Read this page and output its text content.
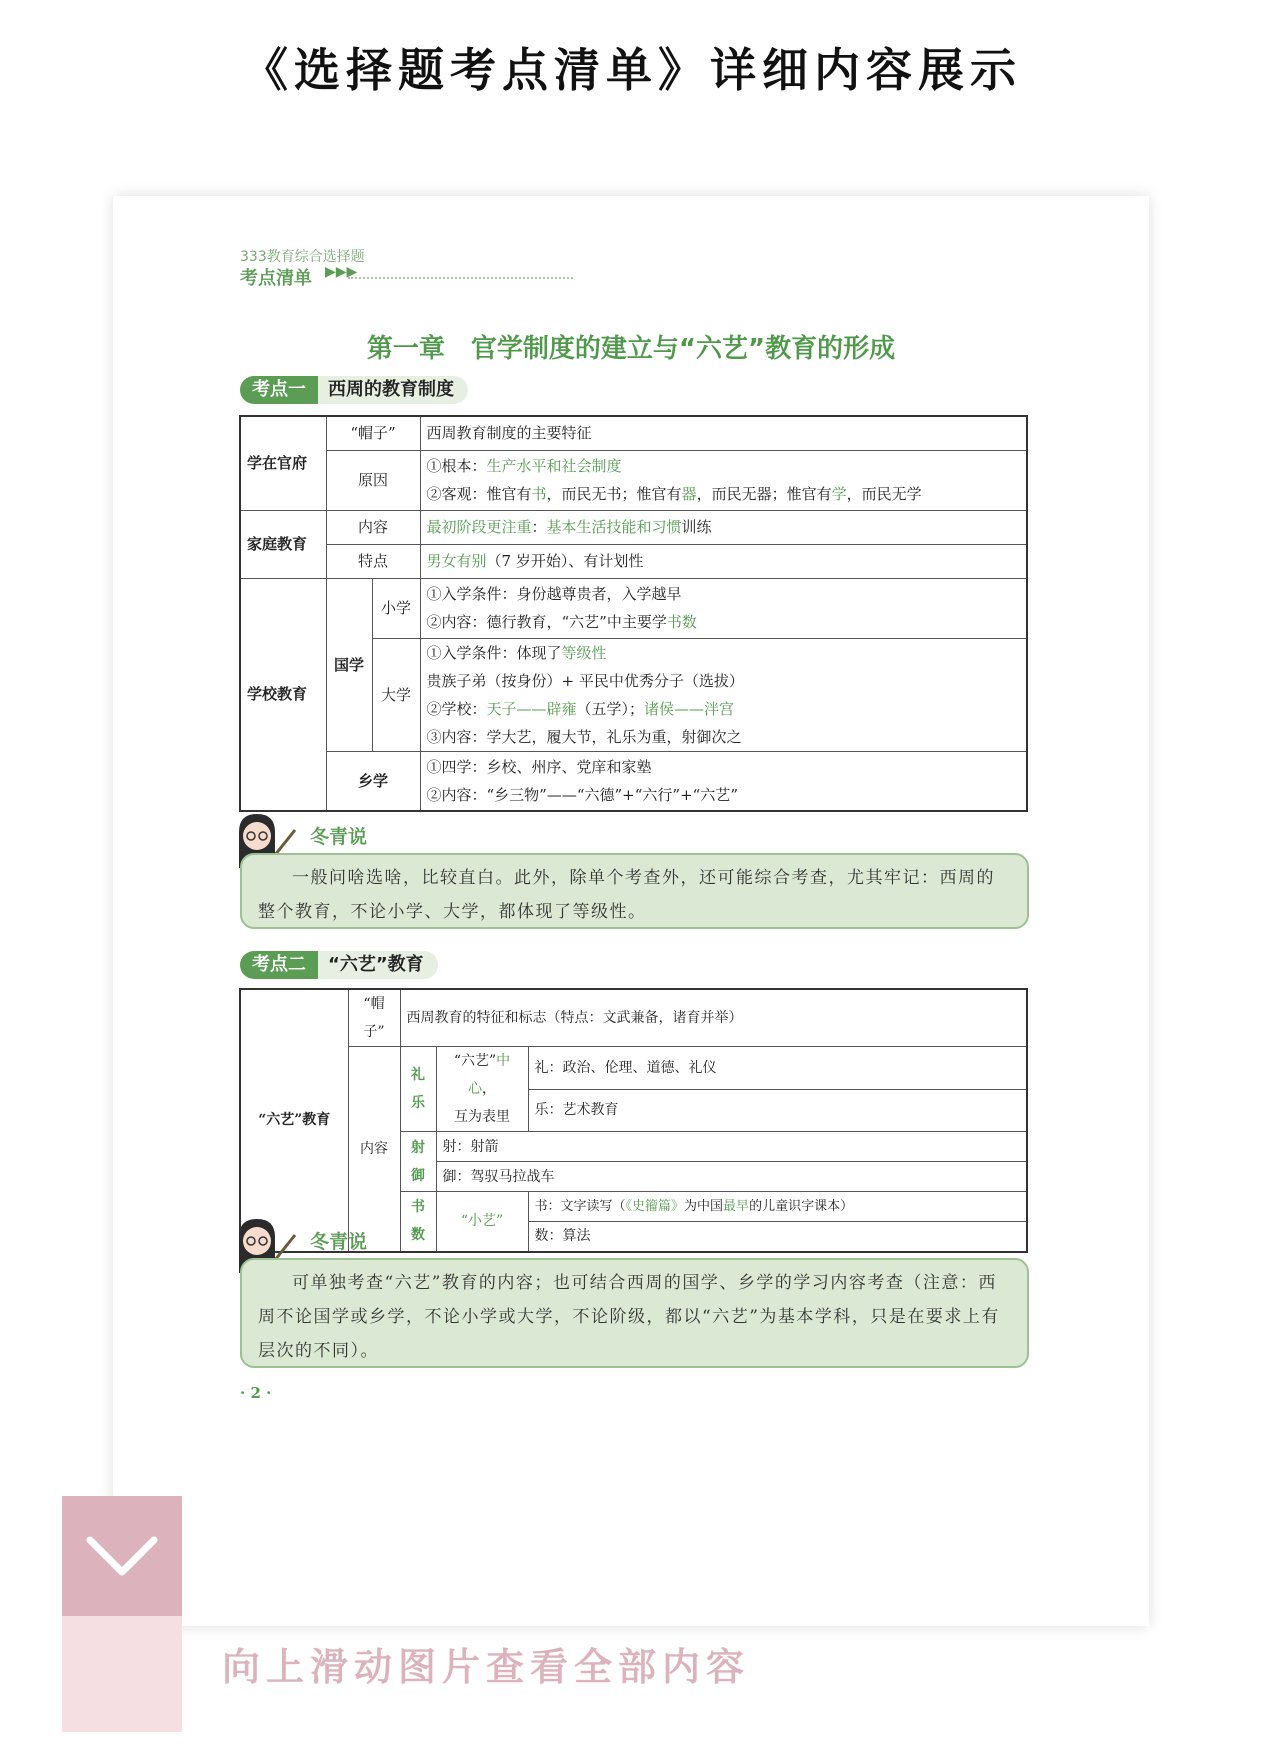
《选择题考点清单》详细内容展示
333教育综合选择题
考点清单 ▶▶▶
第一章　官学制度的建立与“六艺”教育的形成
考点一 西周的教育制度
学在官府	“帽子”		西周教育制度的主要特征
	原因		①根本：生产水平和社会制度
②客观：惟官有书，而民无书；惟官有器，而民无器；惟官有学，而民无学

家庭教育	内容		最初阶段更注重：基本生活技能和习惯训练
	特点		男女有别（7 岁开始）、有计划性
学校教育	国学	小学	①入学条件：身份越尊贵者，入学越早
②内容：德行教育，“六艺”中主要学书数

		大学	①入学条件：体现了等级性
贵族子弟（按身份）+ 平民中优秀分子（选拔）
②学校：天子——辟雍（五学）；诸侯——泮宫
③内容：学大艺，履大节，礼乐为重，射御次之

	乡学		①四学：乡校、州序、党庠和家塾
②内容：“乡三物”——“六德”+“六行”+“六艺”
冬青说
一般问啥选啥，比较直白。此外，除单个考查外，还可能综合考查，尤其牢记：西周的整个教育，不论小学、大学，都体现了等级性。
考点二 “六艺”教育
“六艺”教育	“帽子”	西周教育的特征和标志（特点：文武兼备，诸育并举）		
	内容	礼乐	“六艺”中心，
互为表里	礼：政治、伦理、道德、礼仪
				乐：艺术教育
		射御	射：射箭	
			御：驾驭马拉战车	
		书数	“小艺”	书：文字读写（《史籀篇》为中国最早的儿童识字课本）
				数：算法
冬青说
可单独考查“六艺”教育的内容；也可结合西周的国学、乡学的学习内容考查（注意：西周不论国学或乡学，不论小学或大学，不论阶级，都以“六艺”为基本学科，只是在要求上有层次的不同）。
· 2 ·
向上滑动图片查看全部内容
